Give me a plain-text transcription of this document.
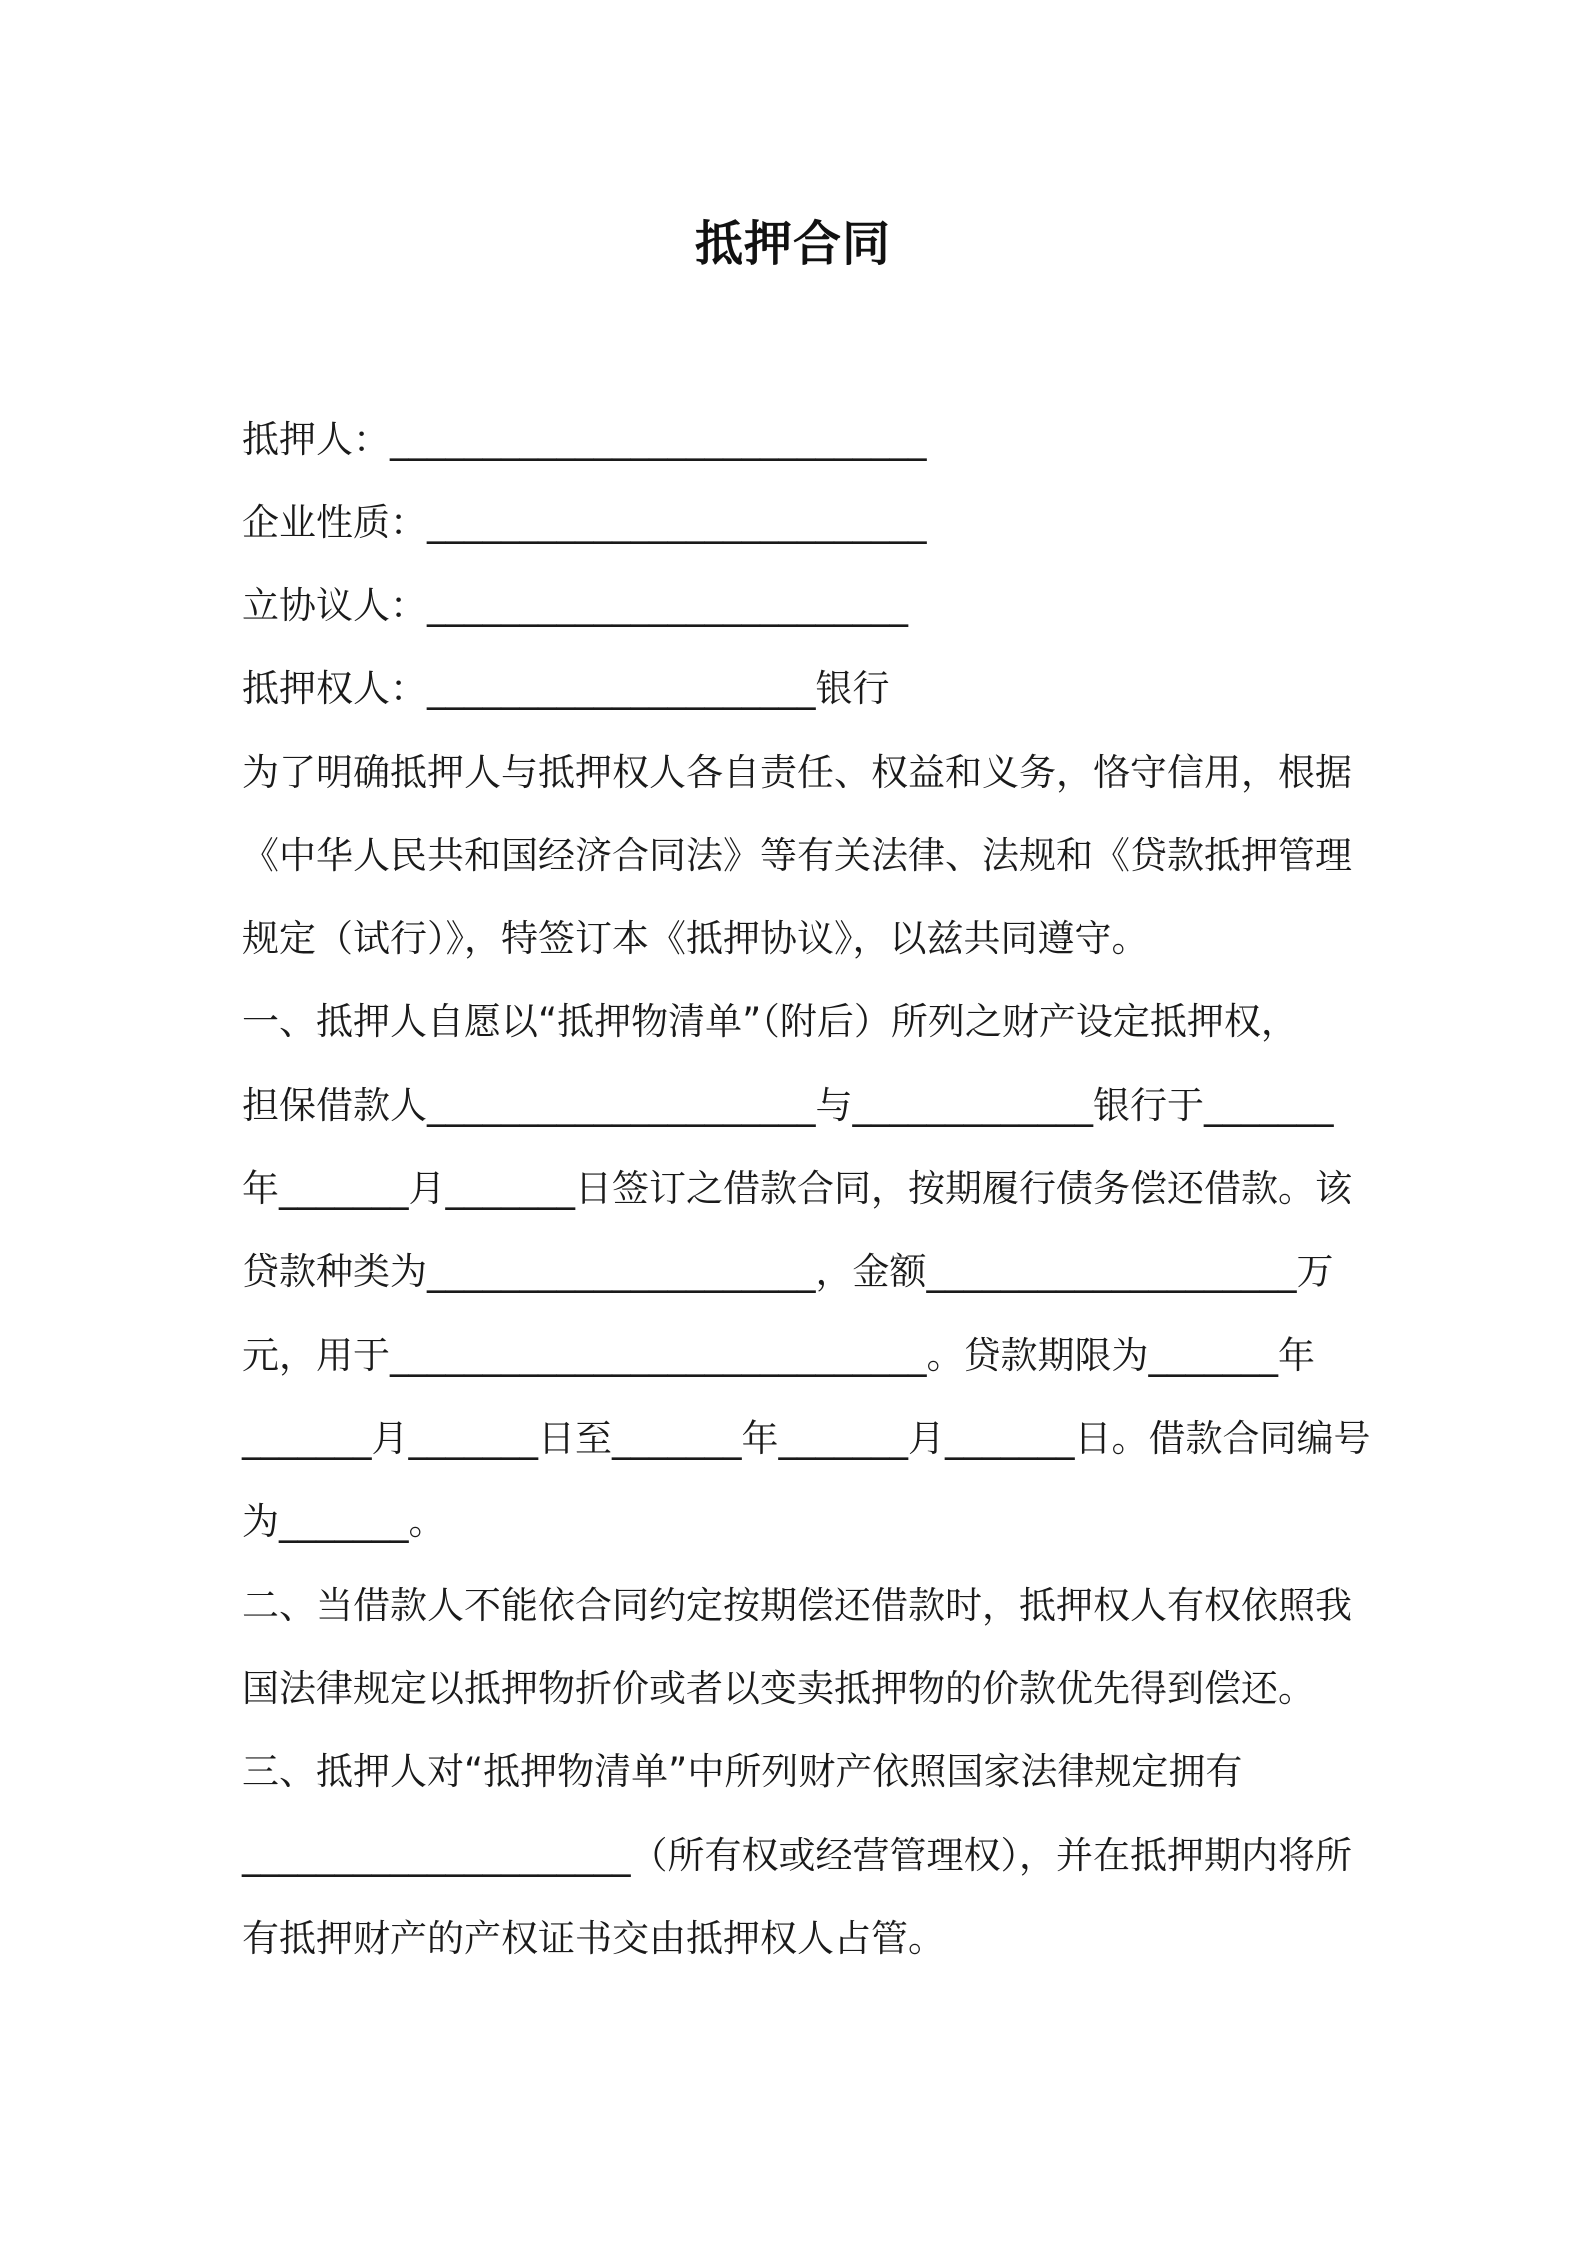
抵押合同
抵押人：_____________________________
企业性质：___________________________
立协议人：__________________________
抵押权人：_____________________银行
为了明确抵押人与抵押权人各自责任、权益和义务，恪守信用，根据
《中华人民共和国经济合同法》等有关法律、法规和《贷款抵押管理
规定（试行）》，特签订本《抵押协议》，以兹共同遵守。
一、抵押人自愿以“抵押物清单”（附后）所列之财产设定抵押权，
担保借款人_____________________与_____________银行于_______
年_______月_______日签订之借款合同，按期履行债务偿还借款。该
贷款种类为_____________________，金额____________________万
元，用于_____________________________。贷款期限为_______年
_______月_______日至_______年_______月_______日。借款合同编号
为_______。
二、当借款人不能依合同约定按期偿还借款时，抵押权人有权依照我
国法律规定以抵押物折价或者以变卖抵押物的价款优先得到偿还。
三、抵押人对“抵押物清单”中所列财产依照国家法律规定拥有
_____________________（所有权或经营管理权），并在抵押期内将所
有抵押财产的产权证书交由抵押权人占管。
